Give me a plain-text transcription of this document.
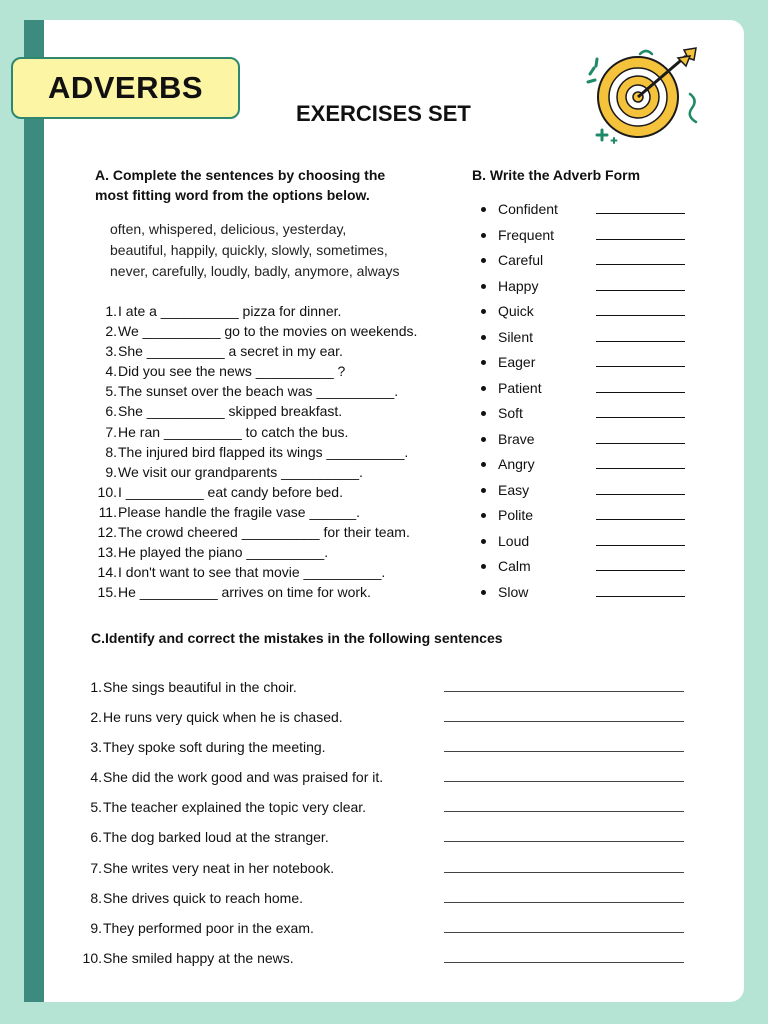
ADVERBS
EXERCISES SET
A. Complete the sentences by choosing the
most fitting word from the options below.
often, whispered, delicious, yesterday,
beautiful, happily, quickly, slowly, sometimes,
never, carefully, loudly, badly, anymore, always
1. I ate a __________ pizza for dinner.
2. We __________ go to the movies on weekends.
3. She __________ a secret in my ear.
4. Did you see the news __________ ?
5. The sunset over the beach was __________.
6. She __________ skipped breakfast.
7. He ran __________ to catch the bus.
8. The injured bird flapped its wings __________.
9. We visit our grandparents __________.
10. I __________ eat candy before bed.
11. Please handle the fragile vase ______.
12. The crowd cheered __________ for their team.
13. He played the piano __________.
14. I don't want to see that movie __________.
15. He __________ arrives on time for work.
B. Write the Adverb Form
Confident
Frequent
Careful
Happy
Quick
Silent
Eager
Patient
Soft
Brave
Angry
Easy
Polite
Loud
Calm
Slow
C.Identify and correct the mistakes in the following sentences
1. She sings beautiful in the choir.
2. He runs very quick when he is chased.
3. They spoke soft during the meeting.
4. She did the work good and was praised for it.
5. The teacher explained the topic very clear.
6. The dog barked loud at the stranger.
7. She writes very neat in her notebook.
8. She drives quick to reach home.
9. They performed poor in the exam.
10. She smiled happy at the news.
